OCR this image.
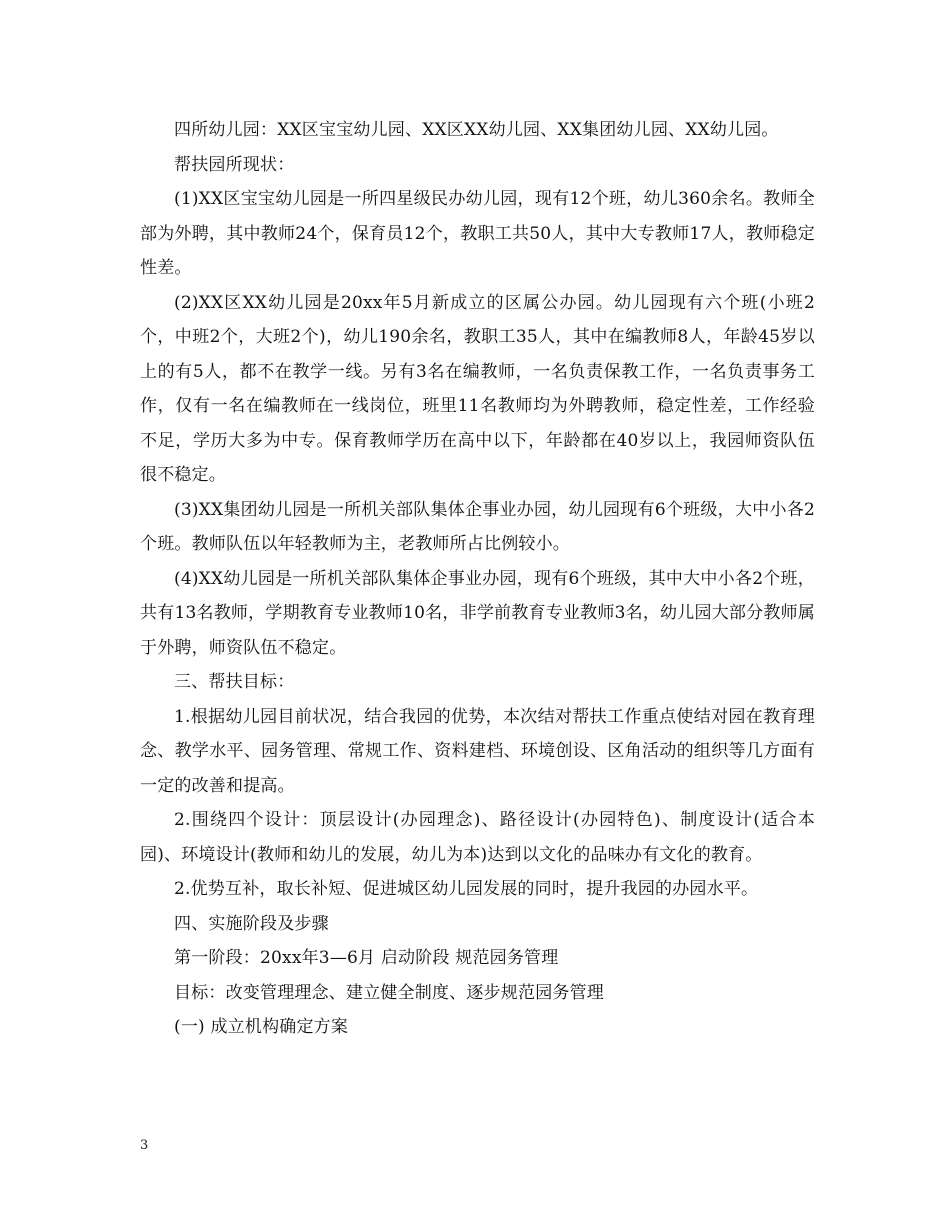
四所幼儿园：XX区宝宝幼儿园、XX区XX幼儿园、XX集团幼儿园、XX幼儿园。

帮扶园所现状：

(1)XX区宝宝幼儿园是一所四星级民办幼儿园，现有12个班，幼儿360余名。教师全部为外聘，其中教师24个，保育员12个，教职工共50人，其中大专教师17人，教师稳定性差。

(2)XX区XX幼儿园是20xx年5月新成立的区属公办园。幼儿园现有六个班(小班2个，中班2个，大班2个)，幼儿190余名，教职工35人，其中在编教师8人，年龄45岁以上的有5人，都不在教学一线。另有3名在编教师，一名负责保教工作，一名负责事务工作，仅有一名在编教师在一线岗位，班里11名教师均为外聘教师，稳定性差，工作经验不足，学历大多为中专。保育教师学历在高中以下，年龄都在40岁以上，我园师资队伍很不稳定。

(3)XX集团幼儿园是一所机关部队集体企事业办园，幼儿园现有6个班级，大中小各2个班。教师队伍以年轻教师为主，老教师所占比例较小。

(4)XX幼儿园是一所机关部队集体企事业办园，现有6个班级，其中大中小各2个班，共有13名教师，学期教育专业教师10名，非学前教育专业教师3名，幼儿园大部分教师属于外聘，师资队伍不稳定。

三、帮扶目标：

1.根据幼儿园目前状况，结合我园的优势，本次结对帮扶工作重点使结对园在教育理念、教学水平、园务管理、常规工作、资料建档、环境创设、区角活动的组织等几方面有一定的改善和提高。

2.围绕四个设计：顶层设计(办园理念)、路径设计(办园特色)、制度设计(适合本园)、环境设计(教师和幼儿的发展，幼儿为本)达到以文化的品味办有文化的教育。

2.优势互补，取长补短、促进城区幼儿园发展的同时，提升我园的办园水平。

四、实施阶段及步骤

第一阶段：20xx年3—6月 启动阶段 规范园务管理

目标：改变管理理念、建立健全制度、逐步规范园务管理

(一) 成立机构确定方案

3
